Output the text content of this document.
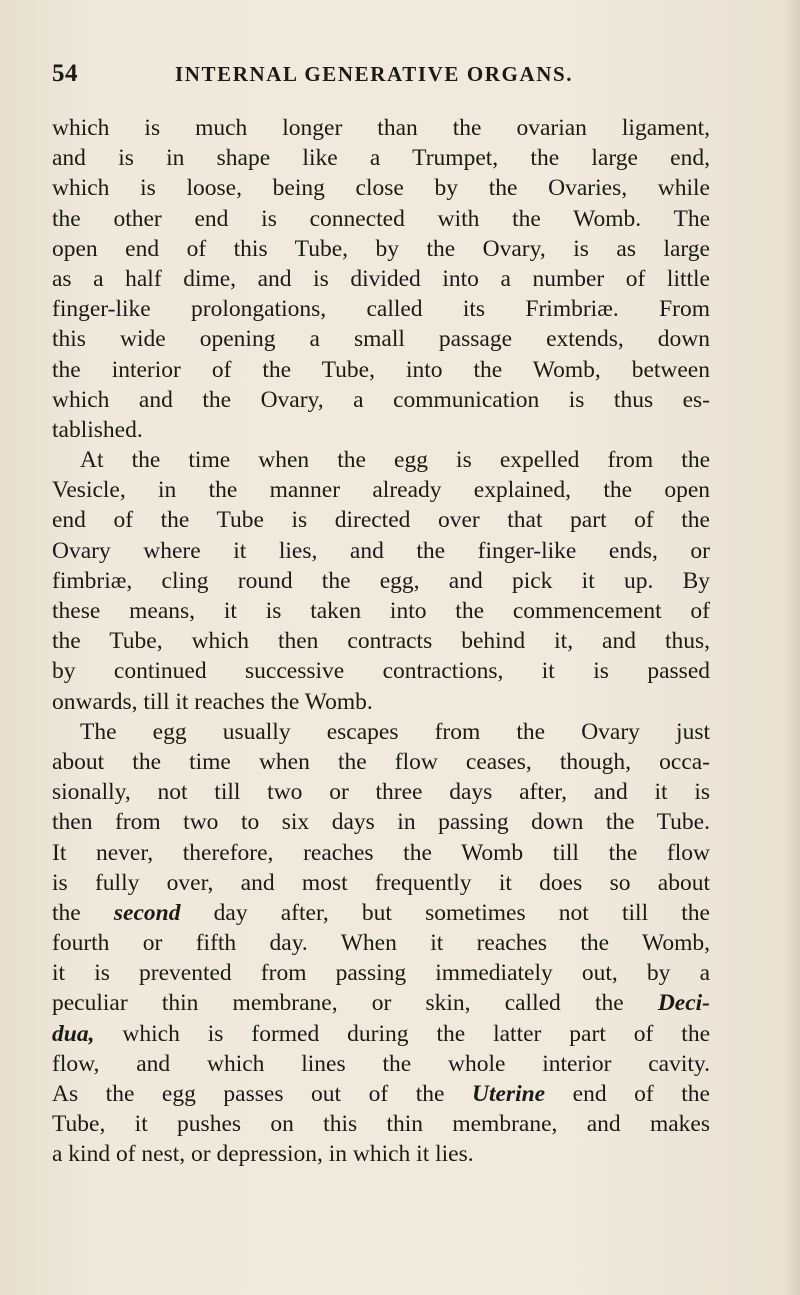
54	INTERNAL GENERATIVE ORGANS.
which is much longer than the ovarian ligament,
and is in shape like a Trumpet, the large end,
which is loose, being close by the Ovaries, while
the other end is connected with the Womb. The
open end of this Tube, by the Ovary, is as large
as a half dime, and is divided into a number of little
finger-like prolongations, called its Frimbriæ. From
this wide opening a small passage extends, down
the interior of the Tube, into the Womb, between
which and the Ovary, a communication is thus es-
tablished.
At the time when the egg is expelled from the
Vesicle, in the manner already explained, the open
end of the Tube is directed over that part of the
Ovary where it lies, and the finger-like ends, or
fimbriæ, cling round the egg, and pick it up. By
these means, it is taken into the commencement of
the Tube, which then contracts behind it, and thus,
by continued successive contractions, it is passed
onwards, till it reaches the Womb.
The egg usually escapes from the Ovary just
about the time when the flow ceases, though, occa-
sionally, not till two or three days after, and it is
then from two to six days in passing down the Tube.
It never, therefore, reaches the Womb till the flow
is fully over, and most frequently it does so about
the second day after, but sometimes not till the
fourth or fifth day. When it reaches the Womb,
it is prevented from passing immediately out, by a
peculiar thin membrane, or skin, called the Deci-
dua, which is formed during the latter part of the
flow, and which lines the whole interior cavity.
As the egg passes out of the Uterine end of the
Tube, it pushes on this thin membrane, and makes
a kind of nest, or depression, in which it lies.
